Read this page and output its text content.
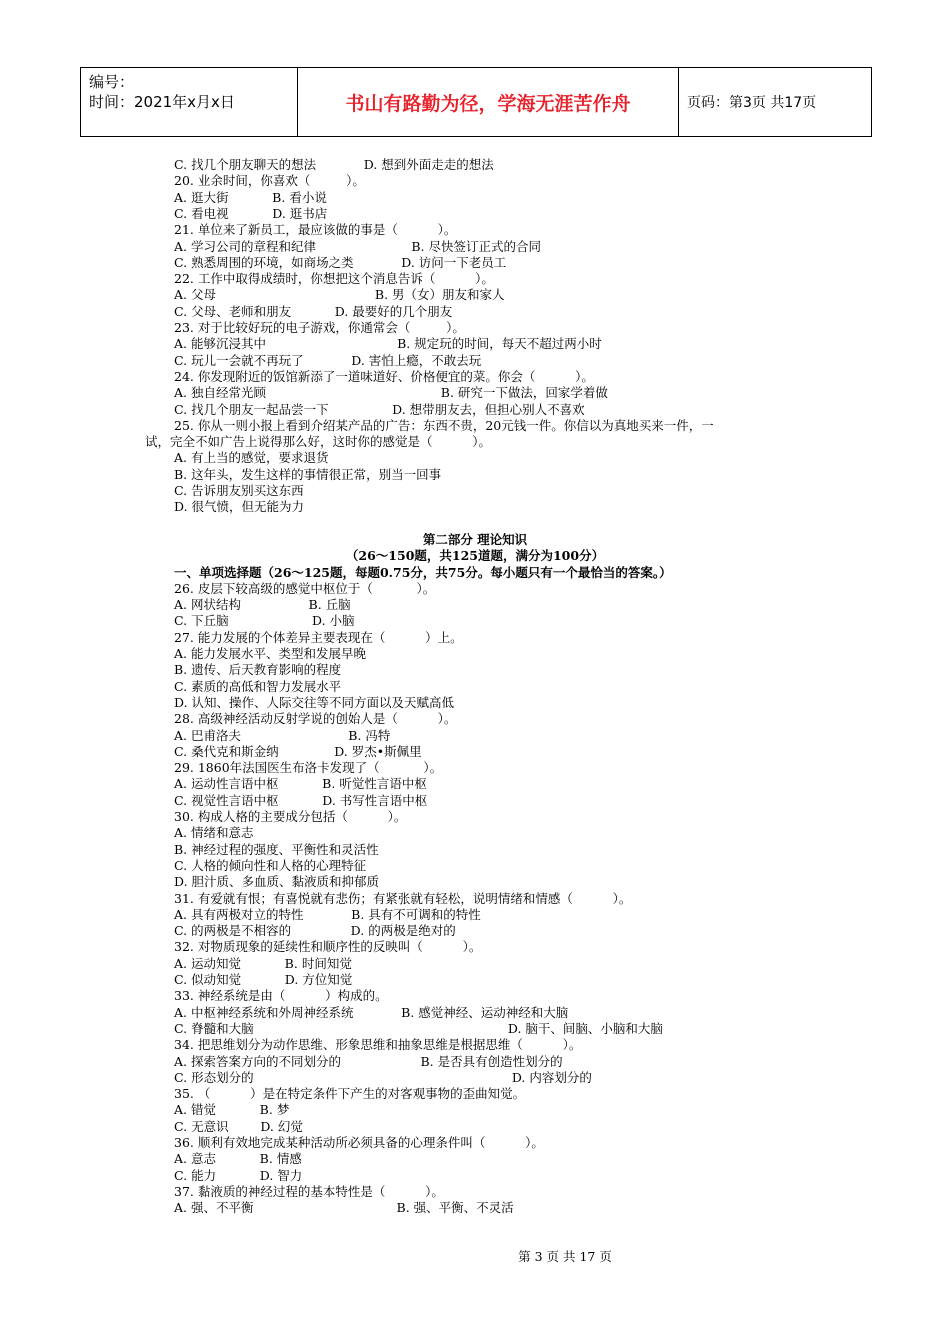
编号：
时间：2021年x月x日	书山有路勤为径，学海无涯苦作舟	页码：第3页 共17页
C. 找几个朋友聊天的想法            D. 想到外面走走的想法
20. 业余时间，你喜欢（         ）。
A. 逛大街           B. 看小说
C. 看电视           D. 逛书店
21. 单位来了新员工，最应该做的事是（          ）。
A. 学习公司的章程和纪律                        B. 尽快签订正式的合同
C. 熟悉周围的环境，如商场之类            D. 访问一下老员工
22. 工作中取得成绩时，你想把这个消息告诉（          ）。
A. 父母                                        B. 男（女）朋友和家人
C. 父母、老师和朋友           D. 最要好的几个朋友
23. 对于比较好玩的电子游戏，你通常会（         ）。
A. 能够沉浸其中                                 B. 规定玩的时间，每天不超过两小时
C. 玩儿一会就不再玩了            D. 害怕上瘾，不敢去玩
24. 你发现附近的饭馆新添了一道味道好、价格便宜的菜。你会（          ）。
A. 独自经常光顾                                            B. 研究一下做法，回家学着做
C. 找几个朋友一起品尝一下                D. 想带朋友去，但担心别人不喜欢
25. 你从一则小报上看到介绍某产品的广告：东西不贵，20元钱一件。你信以为真地买来一件，一
试，完全不如广告上说得那么好，这时你的感觉是（          ）。
A. 有上当的感觉，要求退货
B. 这年头，发生这样的事情很正常，别当一回事
C. 告诉朋友别买这东西
D. 很气愤，但无能为力
第二部分 理论知识
（26～150题，共125道题，满分为100分）
一、单项选择题（26～125题，每题0.75分，共75分。每小题只有一个最恰当的答案。）
26. 皮层下较高级的感觉中枢位于（           ）。
A. 网状结构                 B. 丘脑
C. 下丘脑                     D. 小脑
27. 能力发展的个体差异主要表现在（          ）上。
A. 能力发展水平、类型和发展早晚
B. 遗传、后天教育影响的程度
C. 素质的高低和智力发展水平
D. 认知、操作、人际交往等不同方面以及天赋高低
28. 高级神经活动反射学说的创始人是（          ）。
A. 巴甫洛夫                           B. 冯特
C. 桑代克和斯金纳              D. 罗杰•斯佩里
29. 1860年法国医生布洛卡发现了（           ）。
A. 运动性言语中枢           B. 听觉性言语中枢
C. 视觉性言语中枢           D. 书写性言语中枢
30. 构成人格的主要成分包括（          ）。
A. 情绪和意志
B. 神经过程的强度、平衡性和灵活性
C. 人格的倾向性和人格的心理特征
D. 胆汁质、多血质、黏液质和抑郁质
31. 有爱就有恨；有喜悦就有悲伤；有紧张就有轻松，说明情绪和情感（          ）。
A. 具有两极对立的特性            B. 具有不可调和的特性
C. 的两极是不相容的               D. 的两极是绝对的
32. 对物质现象的延续性和顺序性的反映叫（          ）。
A. 运动知觉           B. 时间知觉
C. 似动知觉           D. 方位知觉
33. 神经系统是由（          ）构成的。
A. 中枢神经系统和外周神经系统            B. 感觉神经、运动神经和大脑
C. 脊髓和大脑                                                                D. 脑干、间脑、小脑和大脑
34. 把思维划分为动作思维、形象思维和抽象思维是根据思维（          ）。
A. 探索答案方向的不同划分的                    B. 是否具有创造性划分的
C. 形态划分的                                                                 D. 内容划分的
35. （          ）是在特定条件下产生的对客观事物的歪曲知觉。
A. 错觉           B. 梦
C. 无意识        D. 幻觉
36. 顺利有效地完成某种活动所必须具备的心理条件叫（          ）。
A. 意志           B. 情感
C. 能力           D. 智力
37. 黏液质的神经过程的基本特性是（          ）。
A. 强、不平衡                                    B. 强、平衡、不灵活
第 3 页 共 17 页
